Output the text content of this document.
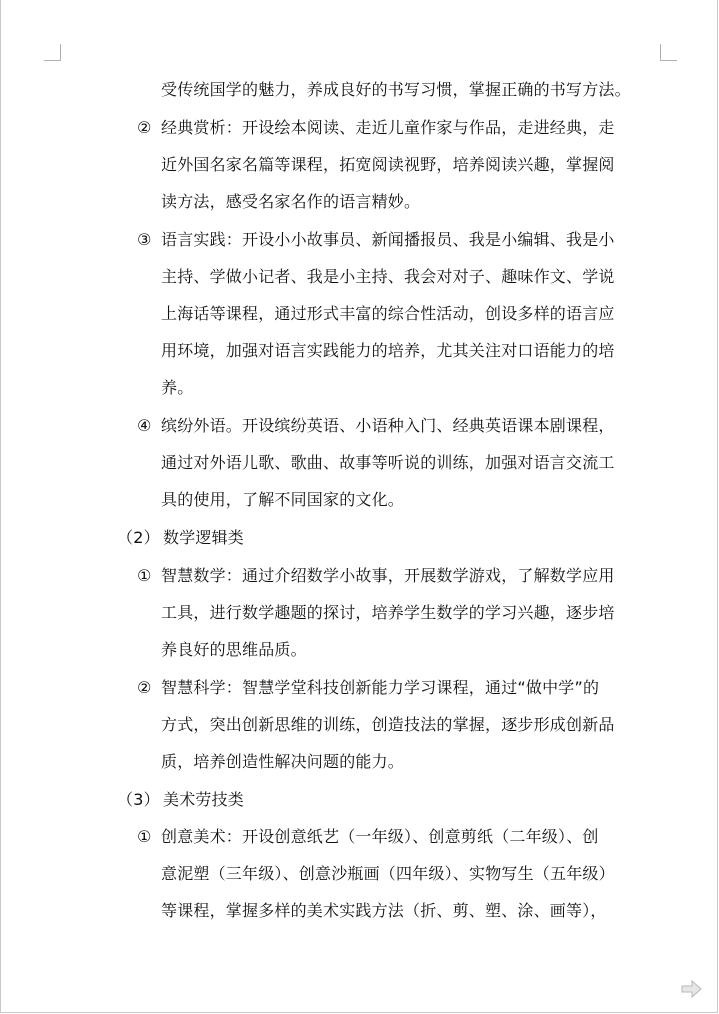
受传统国学的魅力，养成良好的书写习惯，掌握正确的书写方法。
② 经典赏析：开设绘本阅读、走近儿童作家与作品，走进经典，走
近外国名家名篇等课程，拓宽阅读视野，培养阅读兴趣，掌握阅
读方法，感受名家名作的语言精妙。
③ 语言实践：开设小小故事员、新闻播报员、我是小编辑、我是小
主持、学做小记者、我是小主持、我会对对子、趣味作文、学说
上海话等课程，通过形式丰富的综合性活动，创设多样的语言应
用环境，加强对语言实践能力的培养，尤其关注对口语能力的培
养。
④ 缤纷外语。开设缤纷英语、小语种入门、经典英语课本剧课程，
通过对外语儿歌、歌曲、故事等听说的训练，加强对语言交流工
具的使用，了解不同国家的文化。
（2） 数学逻辑类
① 智慧数学：通过介绍数学小故事，开展数学游戏，了解数学应用
工具，进行数学趣题的探讨，培养学生数学的学习兴趣，逐步培
养良好的思维品质。
② 智慧科学：智慧学堂科技创新能力学习课程，通过“做中学”的
方式，突出创新思维的训练，创造技法的掌握，逐步形成创新品
质，培养创造性解决问题的能力。
（3） 美术劳技类
① 创意美术：开设创意纸艺（一年级）、创意剪纸（二年级）、创
意泥塑（三年级）、创意沙瓶画（四年级）、实物写生（五年级）
等课程，掌握多样的美术实践方法（折、剪、塑、涂、画等），
